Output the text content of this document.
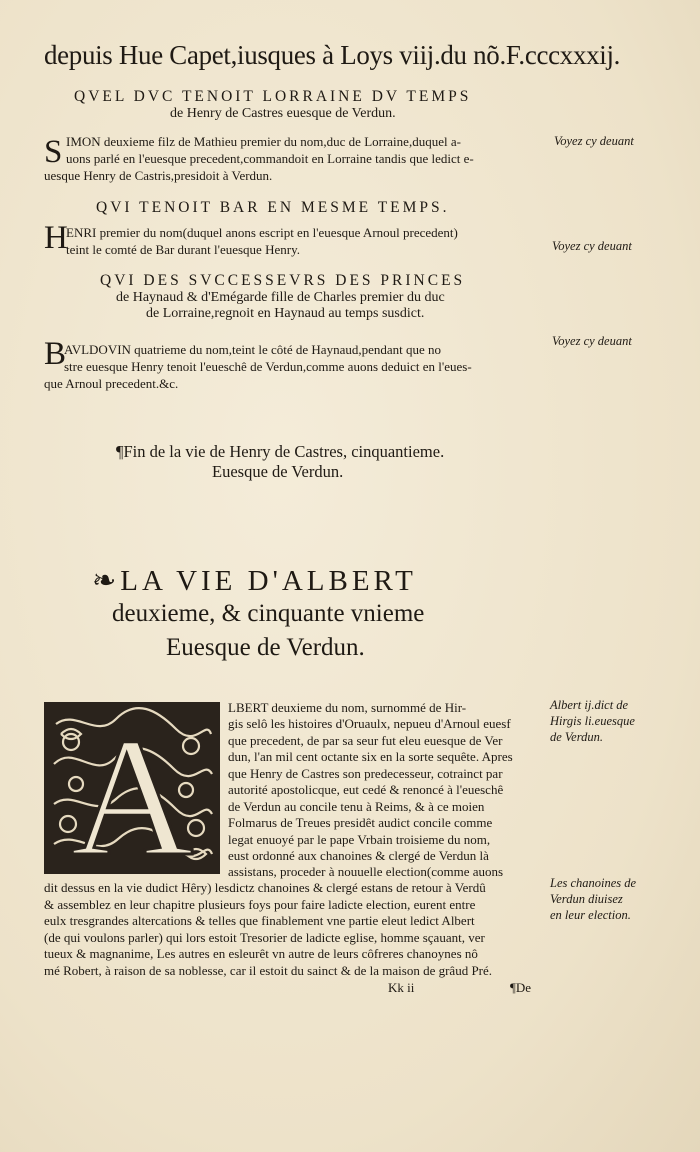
depuis Hue Capet,iusques à Loys viij.du nõ.F.cccxxxij.
QVEL DVC TENOIT LORRAINE DV TEMPS
de Henry de Castres euesque de Verdun.
S IMON deuxieme filz de Mathieu premier du nom,duc de Lorraine,duquel a-
uons parlé en l'euesque precedent,commandoit en Lorraine tandis que ledict e-
uesque Henry de Castris,presidoit à Verdun.
Voyez cy deuant
QVI TENOIT BAR EN MESME TEMPS.
H
ENRI premier du nom(duquel anons escript en l'euesque Arnoul precedent)
teint le comté de Bar durant l'euesque Henry.	Voyez cy deuant
QVI DES SVCCESSEVRS DES PRINCES
de Haynaud & d'Emégarde fille de Charles premier du duc
de Lorraine,regnoit en Haynaud au temps susdict.
B
AVLDOVIN quatrieme du nom,teint le côté de Haynaud,pendant que no
stre euesque Henry tenoit l'eueschê de Verdun,comme auons deduict en l'eues-
que Arnoul precedent.&c.
Voyez cy deuant
¶Fin de la vie de Henry de Castres, cinquantieme.
Euesque de Verdun.
❧LA VIE D'ALBERT
deuxieme, & cinquante vnieme
Euesque de Verdun.
A	LBERT deuxieme du nom, surnommé de Hir-
gis selô les histoires d'Oruaulx, nepueu d'Arnoul euesf
que precedent, de par sa seur fut eleu euesque de Ver
dun, l'an mil cent octante six en la sorte sequête. Apres
que Henry de Castres son predecesseur, cotrainct par
autorité apostolicque, eut cedé & renoncé à l'eueschê
de Verdun au concile tenu à Reims, & à ce moien
Folmarus de Treues presidêt audict concile comme
legat enuoyé par le pape Vrbain troisieme du nom,
eust ordonné aux chanoines & clergé de Verdun là
assistans, proceder à nouuelle election(comme auons
dit dessus en la vie dudict Hêry) lesdictz chanoines & clergé estans de retour à Verdû
& assemblez en leur chapitre plusieurs foys pour faire ladicte election, eurent entre
eulx tresgrandes altercations & telles que finablement vne partie eleut ledict Albert
(de qui voulons parler) qui lors estoit Tresorier de ladicte eglise, homme sçauant, ver
tueux & magnanime, Les autres en esleurêt vn autre de leurs côfreres chanoynes nô
mé Robert, à raison de sa noblesse, car il estoit du sainct & de la maison de grâud Pré.
Albert ij.dict de
Hirgis li.euesque
de Verdun.
Les chanoines de
Verdun diuisez
en leur election.
Kk ii	¶De
